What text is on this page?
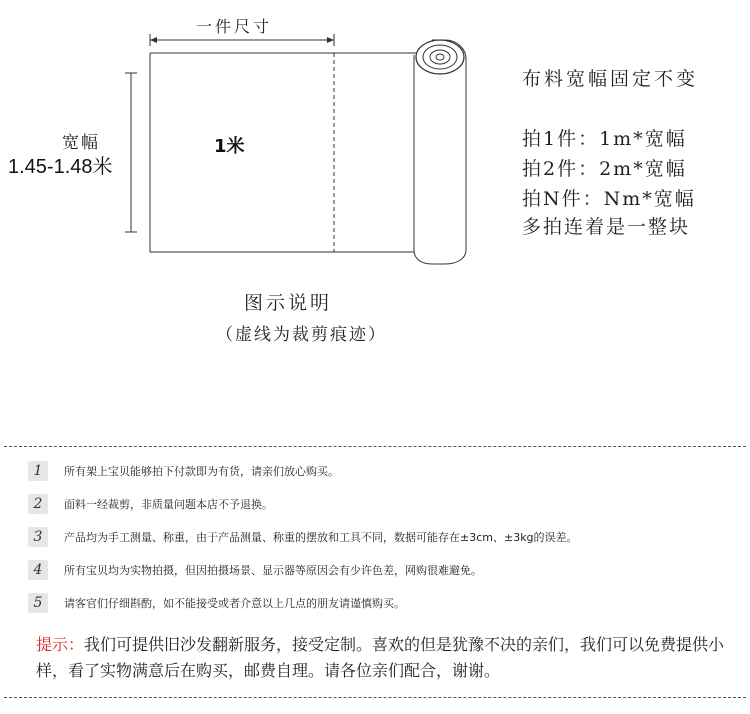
一件尺寸
1米
宽幅
1.45-1.48米
图示说明
（虚线为裁剪痕迹）
布料宽幅固定不变
拍1件：1m*宽幅
拍2件：2m*宽幅
拍N件：Nm*宽幅
多拍连着是一整块
1	所有架上宝贝能够拍下付款即为有货，请亲们放心购买。
2	面料一经裁剪，非质量问题本店不予退换。
3	产品均为手工测量、称重，由于产品测量、称重的摆放和工具不同，数据可能存在±3cm、±3kg的误差。
4	所有宝贝均为实物拍摄，但因拍摄场景、显示器等原因会有少许色差，网购很难避免。
5	请客官们仔细斟酌，如不能接受或者介意以上几点的朋友请谨慎购买。
提示：我们可提供旧沙发翻新服务，接受定制。喜欢的但是犹豫不决的亲们，我们可以免费提供小样，看了实物满意后在购买，邮费自理。请各位亲们配合，谢谢。
